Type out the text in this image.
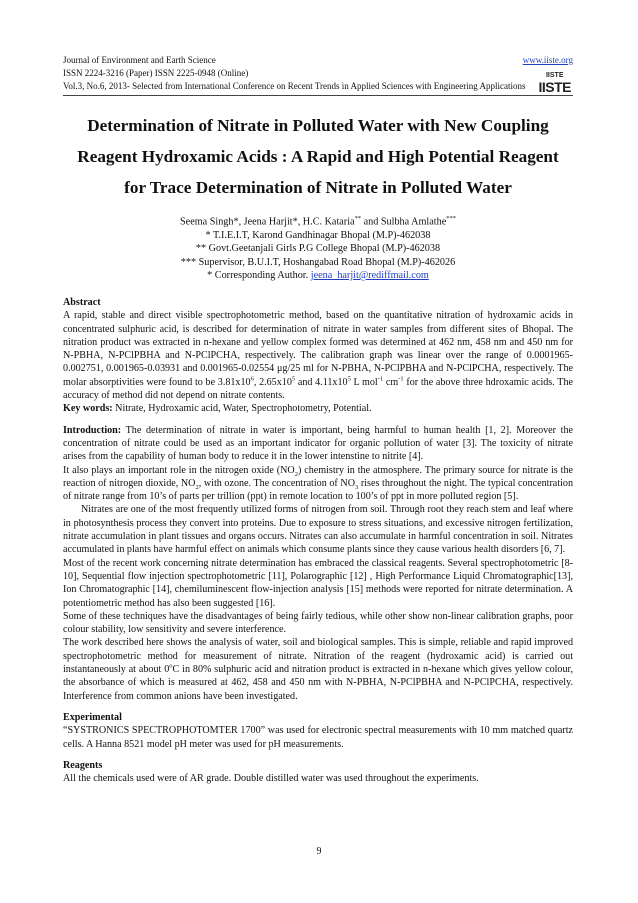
Journal of Environment and Earth Science	www.iiste.org
ISSN 2224-3216 (Paper) ISSN 2225-0948 (Online)
Vol.3, No.6, 2013- Selected from International Conference on Recent Trends in Applied Sciences with Engineering Applications
IISTE
IISTE
Determination of Nitrate in Polluted Water with New Coupling
Reagent Hydroxamic Acids : A Rapid and High Potential Reagent
for Trace Determination of Nitrate in Polluted Water
Seema Singh*, Jeena Harjit*, H.C. Kataria** and Sulbha Amlathe***
* T.I.E.I.T, Karond Gandhinagar Bhopal (M.P)-462038
** Govt.Geetanjali Girls P.G College Bhopal (M.P)-462038
*** Supervisor, B.U.I.T, Hoshangabad Road Bhopal (M.P)-462026
* Corresponding Author. jeena_harjit@rediffmail.com

Abstract

A rapid, stable and direct visible spectrophotometric method, based on the quantitative nitration of hydroxamic acids in concentrated sulphuric acid, is described for determination of nitrate in water samples from different sites of Bhopal. The nitration product was extracted in n-hexane and yellow complex formed was determined at 462 nm, 458 nm and 450 nm for N-PBHA, N-PClPBHA and N-PClPCHA, respectively. The calibration graph was linear over the range of 0.0001965-0.002751, 0.001965-0.03931 and 0.001965-0.02554 μg/25 ml for N-PBHA, N-PClPBHA and N-PClPCHA, respectively. The molar absorptivities were found to be $3.81x10^6$, $2.65x10^5$ and $4.11x10^5$ L mol$^{-1}$ $cm^{-1}$ for the above three hdroxamic acids. The accuracy of method did not depend on nitrate contents.

Key words: Nitrate, Hydroxamic acid, Water, Spectrophotometry, Potential.

Introduction: The determination of nitrate in water is important, being harmful to human health [1, 2]. Moreover the concentration of nitrate could be used as an important indicator for organic pollution of water [3]. The toxicity of nitrate arises from the capability of human body to reduce it in the lower intenstine to nitrite [4].

It also plays an important role in the nitrogen oxide $(NO_2)$ chemistry in the atmosphere. The primary source for nitrate is the reaction of nitrogen dioxide, $NO_2$, with ozone. The concentration of $NO_3$ rises throughout the night. The typical concentration of nitrate range from 10’s of parts per trillion (ppt) in remote location to 100’s of ppt in more polluted region [5].

Nitrates are one of the most frequently utilized forms of nitrogen from soil. Through root they reach stem and leaf where in photosynthesis process they convert into proteins. Due to exposure to stress situations, and excessive nitrogen fertilization, nitrate accumulation in plant tissues and organs occurs. Nitrates can also accumulate in harmful concentration in soil. Nitrates accumulated in plants have harmful effect on animals which consume plants since they cause various health disorders [6, 7].

Most of the recent work concerning nitrate determination has embraced the classical reagents. Several spectrophotometric [8-10], Sequential flow injection spectrophotometric [11], Polarographic [12] , High Performance Liquid Chromatographic[13], Ion Chromatographic [14], chemiluminescent flow-injection analysis [15] methods were reported for nitrate determination. A potentiometric method has also been suggested [16].

Some of these techniques have the disadvantages of being fairly tedious, while other show non-linear calibration graphs, poor colour stability, low sensitivity and severe interference.

The work described here shows the analysis of water, soil and biological samples. This is simple, reliable and rapid improved spectrophotometric method for measurement of nitrate. Nitration of the reagent (hydroxamic acid) is carried out instantaneously at about 0$^o$C in 80% sulphuric acid and nitration product is extracted in n-hexane which gives yellow colour, the absorbance of which is measured at 462, 458 and 450 nm with N-PBHA, N-PClPBHA and N-PClPCHA, respectively. Interference from common anions have been investigated.

Experimental

“SYSTRONICS SPECTROPHOTOMTER 1700” was used for electronic spectral measurements with 10 mm matched quartz cells. A Hanna 8521 model pH meter was used for pH measurements.

Reagents

All the chemicals used were of AR grade. Double distilled water was used throughout the experiments.

9
